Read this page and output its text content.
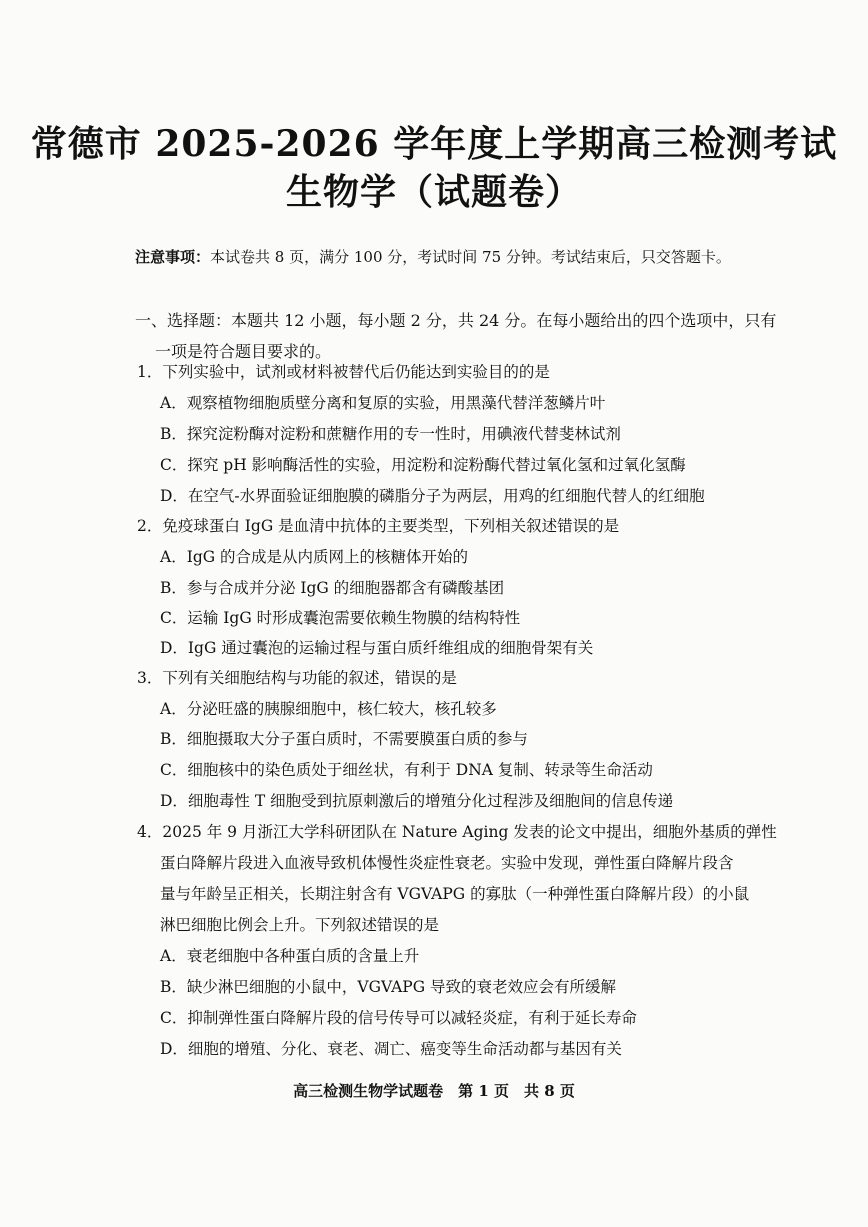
常德市 2025-2026 学年度上学期高三检测考试
生物学（试题卷）
注意事项：本试卷共 8 页，满分 100 分，考试时间 75 分钟。考试结束后，只交答题卡。
一、选择题：本题共 12 小题，每小题 2 分，共 24 分。在每小题给出的四个选项中，只有
一项是符合题目要求的。
1．下列实验中，试剂或材料被替代后仍能达到实验目的的是
A．观察植物细胞质壁分离和复原的实验，用黑藻代替洋葱鳞片叶
B．探究淀粉酶对淀粉和蔗糖作用的专一性时，用碘液代替斐林试剂
C．探究 pH 影响酶活性的实验，用淀粉和淀粉酶代替过氧化氢和过氧化氢酶
D．在空气-水界面验证细胞膜的磷脂分子为两层，用鸡的红细胞代替人的红细胞
2．免疫球蛋白 IgG 是血清中抗体的主要类型，下列相关叙述错误的是
A．IgG 的合成是从内质网上的核糖体开始的
B．参与合成并分泌 IgG 的细胞器都含有磷酸基团
C．运输 IgG 时形成囊泡需要依赖生物膜的结构特性
D．IgG 通过囊泡的运输过程与蛋白质纤维组成的细胞骨架有关
3．下列有关细胞结构与功能的叙述，错误的是
A．分泌旺盛的胰腺细胞中，核仁较大，核孔较多
B．细胞摄取大分子蛋白质时，不需要膜蛋白质的参与
C．细胞核中的染色质处于细丝状，有利于 DNA 复制、转录等生命活动
D．细胞毒性 T 细胞受到抗原刺激后的增殖分化过程涉及细胞间的信息传递
4．2025 年 9 月浙江大学科研团队在 Nature Aging 发表的论文中提出，细胞外基质的弹性
蛋白降解片段进入血液导致机体慢性炎症性衰老。实验中发现，弹性蛋白降解片段含
量与年龄呈正相关，长期注射含有 VGVAPG 的寡肽（一种弹性蛋白降解片段）的小鼠
淋巴细胞比例会上升。下列叙述错误的是
A．衰老细胞中各种蛋白质的含量上升
B．缺少淋巴细胞的小鼠中，VGVAPG 导致的衰老效应会有所缓解
C．抑制弹性蛋白降解片段的信号传导可以减轻炎症，有利于延长寿命
D．细胞的增殖、分化、衰老、凋亡、癌变等生命活动都与基因有关
高三检测生物学试题卷　第 1 页　共 8 页
